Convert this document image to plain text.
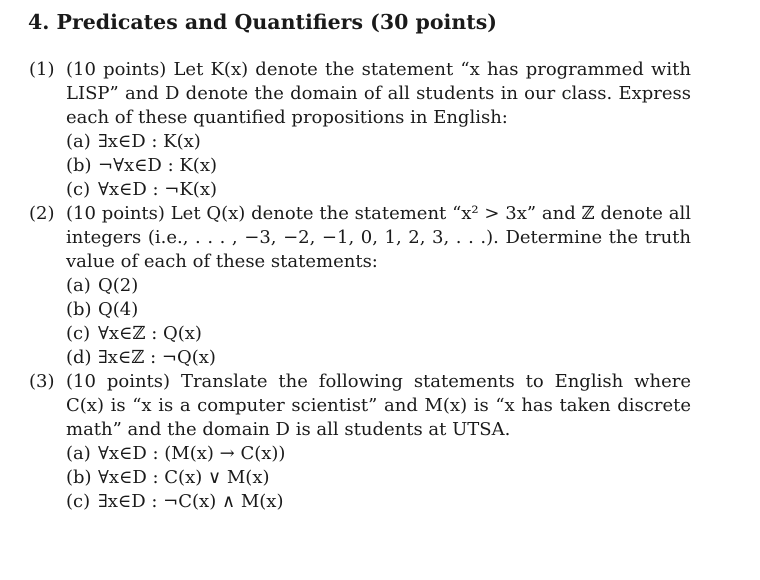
4. Predicates and Quantifiers (30 points)
(1) (10 points) Let K(x) denote the statement “x has programmed with LISP” and D denote the domain of all students in our class. Express each of these quantified propositions in English:
(a) ∃x∈D : K(x)
(b) ¬∀x∈D : K(x)
(c) ∀x∈D : ¬K(x)
(2) (10 points) Let Q(x) denote the statement “x² > 3x” and ℤ denote all integers (i.e., . . . , −3, −2, −1, 0, 1, 2, 3, . . .). Determine the truth value of each of these statements:
(a) Q(2)
(b) Q(4)
(c) ∀x∈ℤ : Q(x)
(d) ∃x∈ℤ : ¬Q(x)
(3) (10 points) Translate the following statements to English where C(x) is “x is a computer scientist” and M(x) is “x has taken discrete math” and the domain D is all students at UTSA.
(a) ∀x∈D : (M(x) → C(x))
(b) ∀x∈D : C(x) ∨ M(x)
(c) ∃x∈D : ¬C(x) ∧ M(x)
